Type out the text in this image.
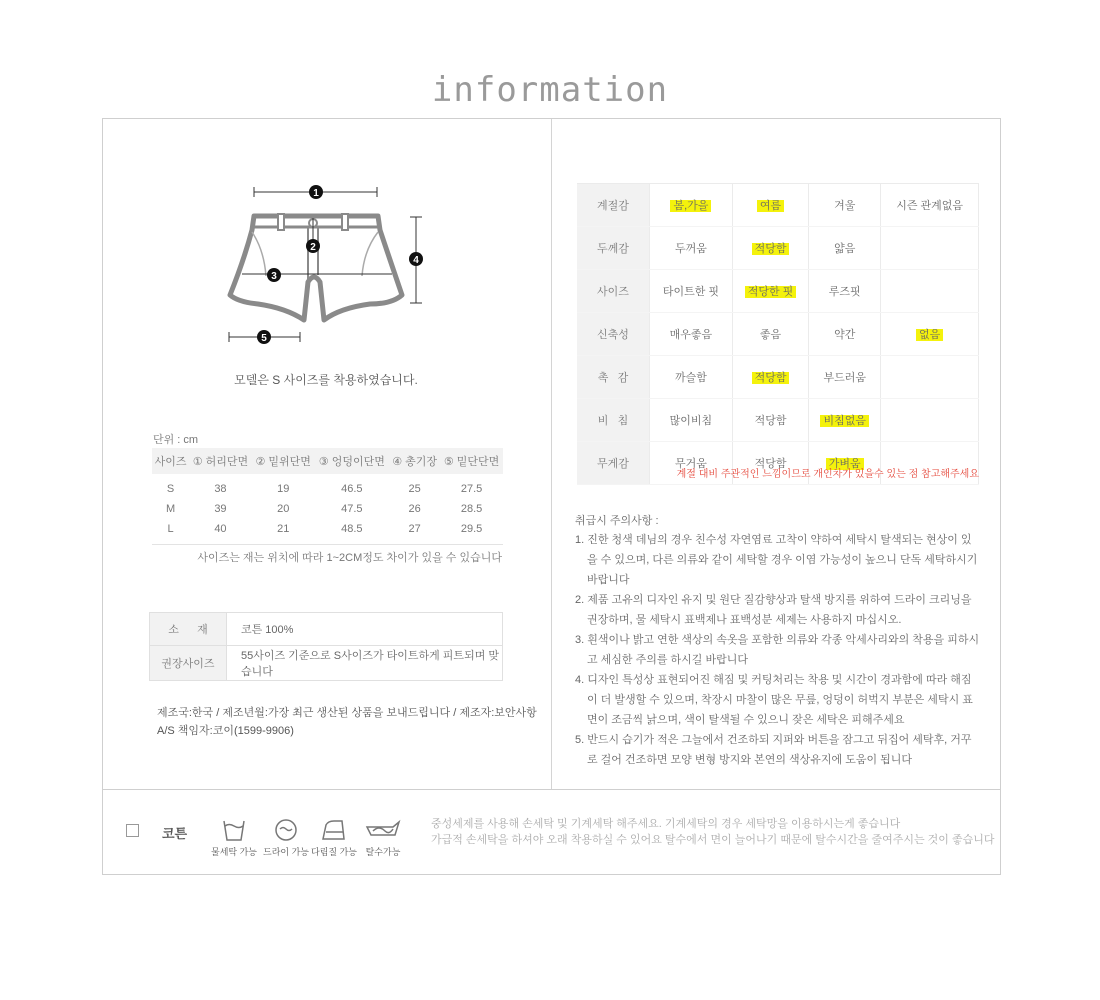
information
1
2
3
4
5
모델은 S 사이즈를 착용하였습니다.
단위 : cm
사이즈	① 허리단면	② 밑위단면	③ 엉덩이단면	④ 총기장	⑤ 밑단단면
S	38	19	46.5	25	27.5
M	39	20	47.5	26	28.5
L	40	21	48.5	27	29.5
사이즈는 재는 위치에 따라 1~2CM정도 차이가 있을 수 있습니다
소      재	코튼 100%
권장사이즈	55사이즈 기준으로 S사이즈가 타이트하게 피트되며 맞습니다
제조국:한국 / 제조년월:가장 최근 생산된 상품을 보내드립니다 / 제조자:보안사항
A/S 책임자:코이(1599-9906)
계절감	봄,가을	여름	겨울	시즌 관계없음
두께감	두꺼움	적당함	얇음	
사이즈	타이트한 핏	적당한 핏	루즈핏	
신축성	매우좋음	좋음	약간	없음
촉   감	까슬함	적당함	부드러움	
비   침	많이비침	적당함	비침없음	
무게감	무거움	적당함	가벼움	
계절 대비 주관적인 느낌이므로 개인차가 있을수 있는 점 참고해주세요
취급시 주의사항 :
1. 진한 청색 데님의 경우 친수성 자연염료 고착이 약하여 세탁시 탈색되는 현상이 있을 수 있으며, 다른 의류와 같이 세탁할 경우 이염 가능성이 높으니 단독 세탁하시기 바랍니다
2. 제품 고유의 디자인 유지 및 원단 질감향상과 탈색 방지를 위하여 드라이 크리닝을 권장하며, 물 세탁시 표백제나 표백성분 세제는 사용하지 마십시오.
3. 흰색이나 밝고 연한 색상의 속옷을 포함한 의류와 각종 악세사리와의 착용을 피하시고 세심한 주의를 하시길 바랍니다
4. 디자인 특성상 표현되어진 해짐 및 커팅처리는 착용 및 시간이 경과함에 따라 해짐이 더 발생할 수 있으며, 착장시 마찰이 많은 무릎, 엉덩이 허벅지 부분은 세탁시 표면이 조금씩 낡으며, 색이 탈색될 수 있으니 잦은 세탁은 피해주세요
5. 반드시 습기가 적은 그늘에서 건조하되 지퍼와 버튼을 잠그고 뒤집어 세탁후, 거꾸로 걸어 건조하면 모양 변형 방지와 본연의 색상유지에 도움이 됩니다
코튼
물세탁 가능 드라이 가능 다림질 가능 탈수가능
중성세제를 사용해 손세탁 및 기계세탁 해주세요. 기계세탁의 경우 세탁망을 이용하시는게 좋습니다
가급적 손세탁을 하셔야 오래 착용하실 수 있어요 탈수에서 면이 늘어나기 때문에 탈수시간을 줄여주시는 것이 좋습니다
